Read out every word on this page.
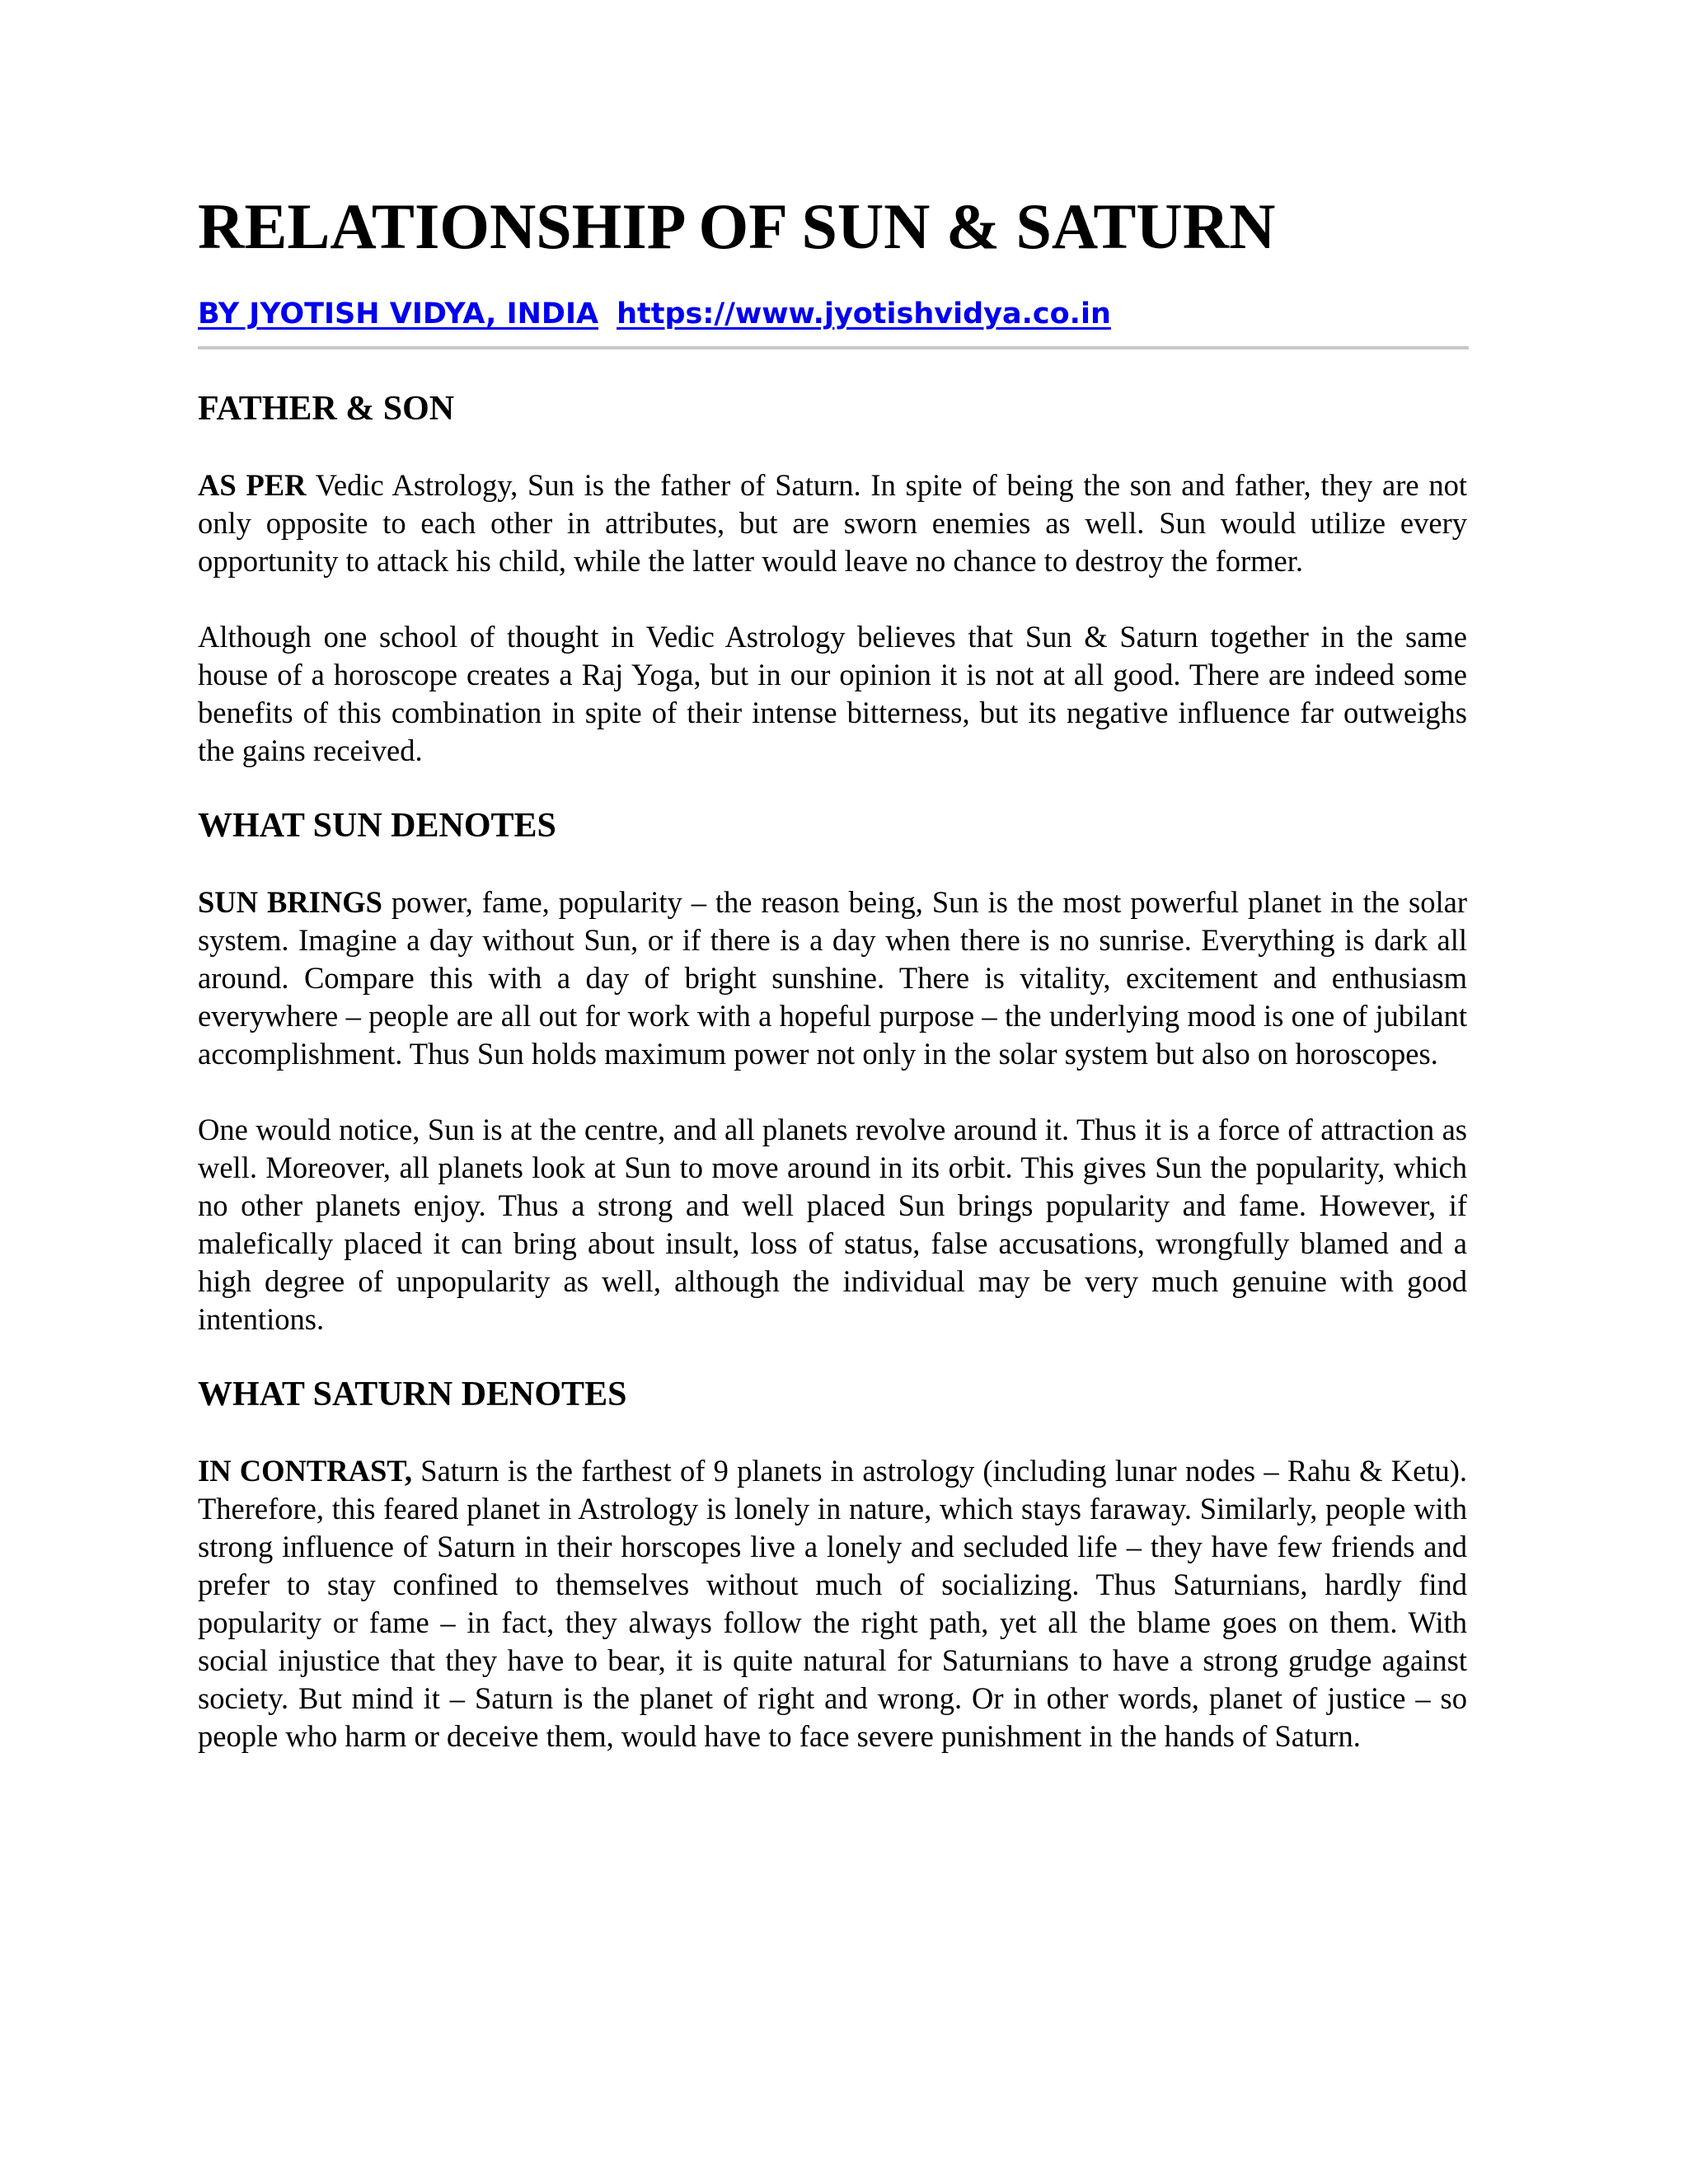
RELATIONSHIP OF SUN & SATURN
BY JYOTISH VIDYA, INDIA https://www.jyotishvidya.co.in
FATHER & SON

AS PER Vedic Astrology, Sun is the father of Saturn. In spite of being the son and father, they are not only opposite to each other in attributes, but are sworn enemies as well. Sun would utilize every opportunity to attack his child, while the latter would leave no chance to destroy the former.

Although one school of thought in Vedic Astrology believes that Sun & Saturn together in the same house of a horoscope creates a Raj Yoga, but in our opinion it is not at all good. There are indeed some benefits of this combination in spite of their intense bitterness, but its negative influence far outweighs the gains received.

WHAT SUN DENOTES

SUN BRINGS power, fame, popularity – the reason being, Sun is the most powerful planet in the solar system. Imagine a day without Sun, or if there is a day when there is no sunrise. Everything is dark all around. Compare this with a day of bright sunshine. There is vitality, excitement and enthusiasm everywhere – people are all out for work with a hopeful purpose – the underlying mood is one of jubilant accomplishment. Thus Sun holds maximum power not only in the solar system but also on horoscopes.

One would notice, Sun is at the centre, and all planets revolve around it. Thus it is a force of attraction as well. Moreover, all planets look at Sun to move around in its orbit. This gives Sun the popularity, which no other planets enjoy. Thus a strong and well placed Sun brings popularity and fame. However, if malefically placed it can bring about insult, loss of status, false accusations, wrongfully blamed and a high degree of unpopularity as well, although the individual may be very much genuine with good intentions.

WHAT SATURN DENOTES

IN CONTRAST, Saturn is the farthest of 9 planets in astrology (including lunar nodes – Rahu & Ketu). Therefore, this feared planet in Astrology is lonely in nature, which stays faraway. Similarly, people with strong influence of Saturn in their horscopes live a lonely and secluded life – they have few friends and prefer to stay confined to themselves without much of socializing. Thus Saturnians, hardly find popularity or fame – in fact, they always follow the right path, yet all the blame goes on them. With social injustice that they have to bear, it is quite natural for Saturnians to have a strong grudge against society. But mind it – Saturn is the planet of right and wrong. Or in other words, planet of justice – so people who harm or deceive them, would have to face severe punishment in the hands of Saturn.
